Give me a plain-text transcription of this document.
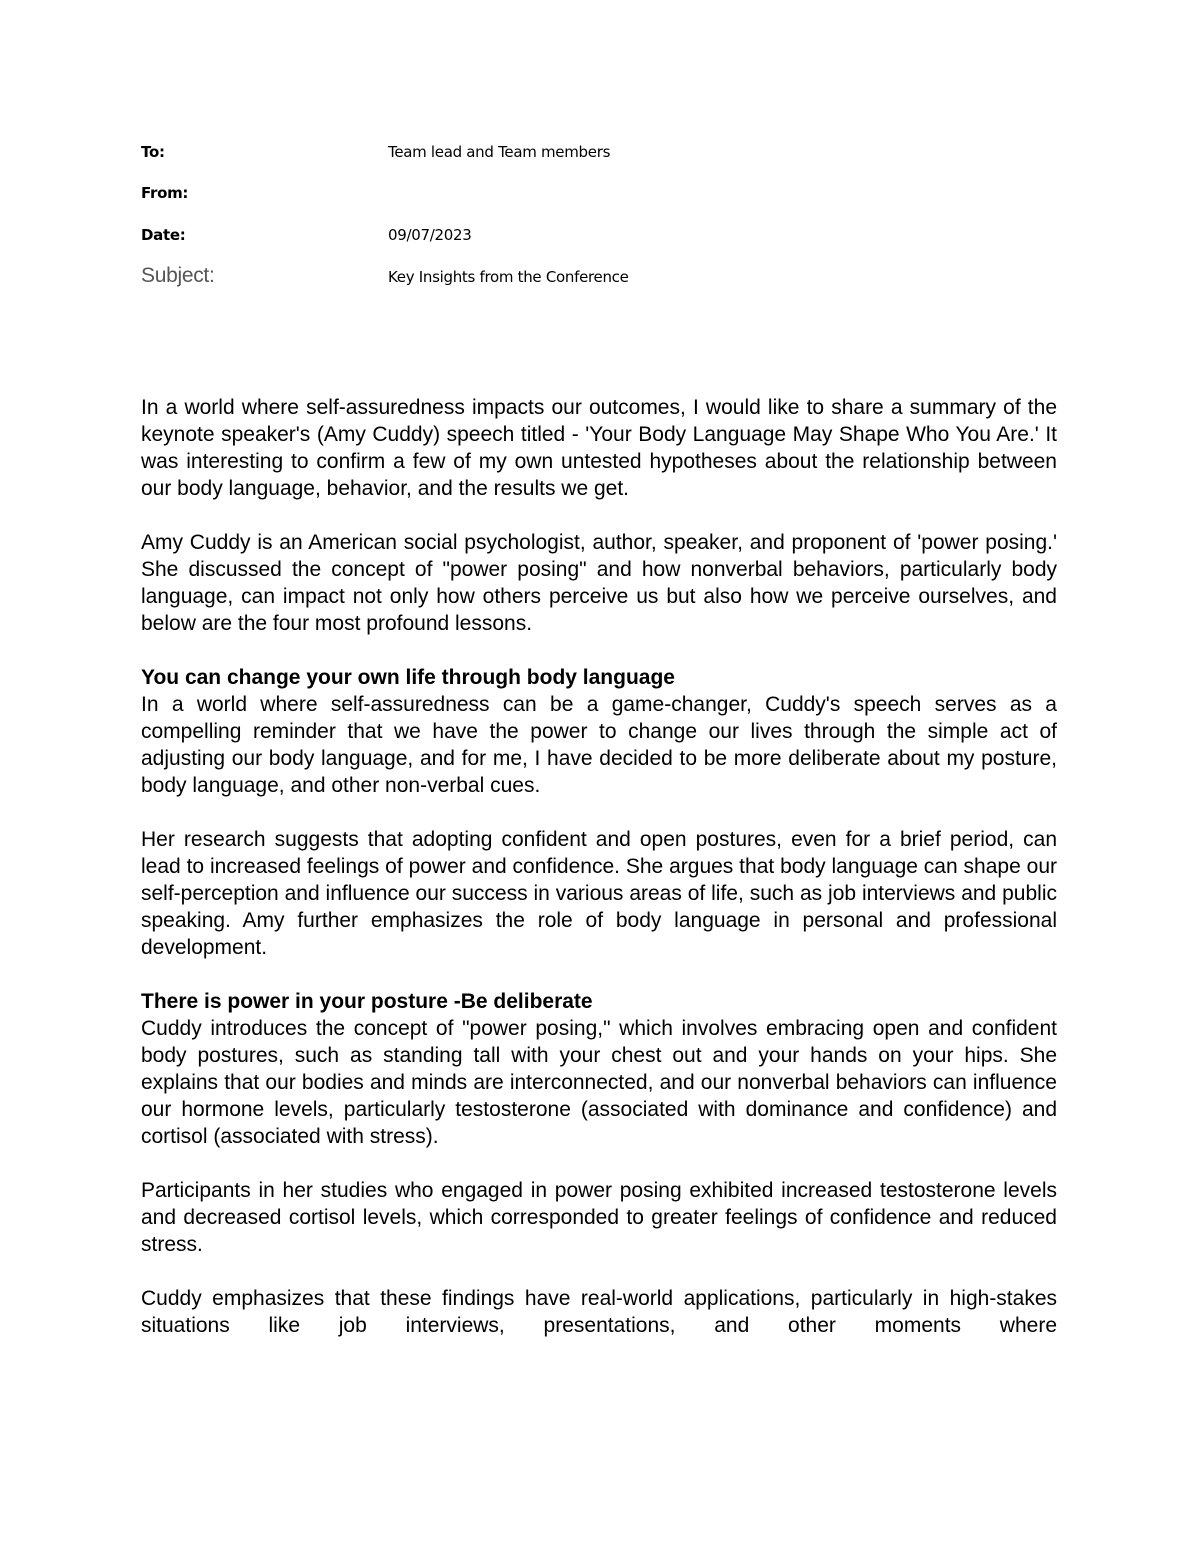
To:	Team lead and Team members
From:
Date:	09/07/2023
Subject:	Key Insights from the Conference

In a world where self-assuredness impacts our outcomes, I would like to share a summary of the keynote speaker's (Amy Cuddy) speech titled - 'Your Body Language May Shape Who You Are.' It was interesting to confirm a few of my own untested hypotheses about the relationship between our body language, behavior, and the results we get.

Amy Cuddy is an American social psychologist, author, speaker, and proponent of 'power posing.' She discussed the concept of "power posing" and how nonverbal behaviors, particularly body language, can impact not only how others perceive us but also how we perceive ourselves, and below are the four most profound lessons.

You can change your own life through body language

In a world where self-assuredness can be a game-changer, Cuddy's speech serves as a compelling reminder that we have the power to change our lives through the simple act of adjusting our body language, and for me, I have decided to be more deliberate about my posture, body language, and other non-verbal cues.

Her research suggests that adopting confident and open postures, even for a brief period, can lead to increased feelings of power and confidence. She argues that body language can shape our self-perception and influence our success in various areas of life, such as job interviews and public speaking. Amy further emphasizes the role of body language in personal and professional development.

There is power in your posture -Be deliberate

Cuddy introduces the concept of "power posing," which involves embracing open and confident body postures, such as standing tall with your chest out and your hands on your hips. She explains that our bodies and minds are interconnected, and our nonverbal behaviors can influence our hormone levels, particularly testosterone (associated with dominance and confidence) and cortisol (associated with stress).

Participants in her studies who engaged in power posing exhibited increased testosterone levels and decreased cortisol levels, which corresponded to greater feelings of confidence and reduced stress.

Cuddy emphasizes that these findings have real-world applications, particularly in high-stakes situations like job interviews, presentations, and other moments where
